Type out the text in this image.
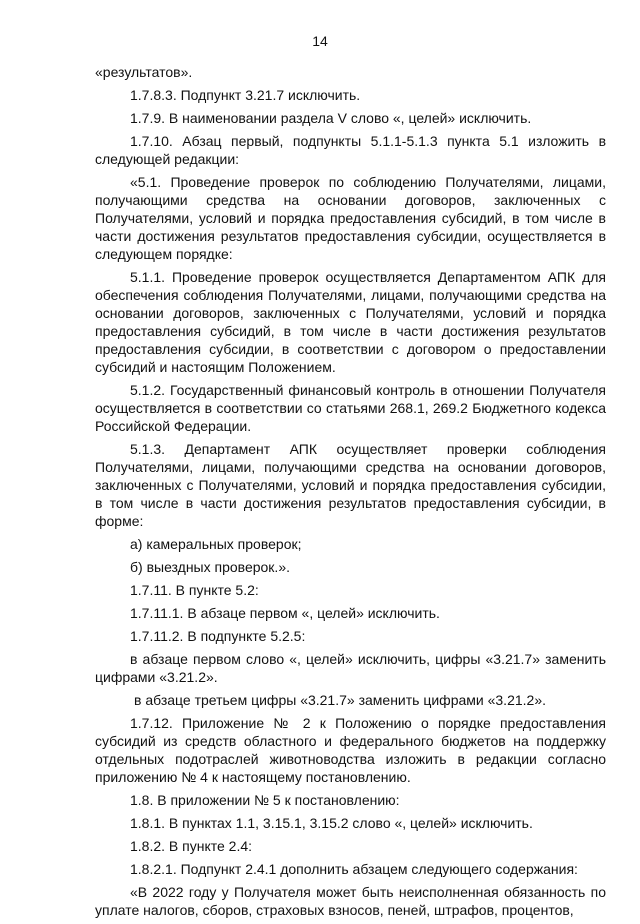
14

«результатов».

1.7.8.3. Подпункт 3.21.7 исключить.

1.7.9. В наименовании раздела V слово «, целей» исключить.

1.7.10. Абзац первый, подпункты 5.1.1-5.1.3 пункта 5.1 изложить в следующей редакции:

«5.1. Проведение проверок по соблюдению Получателями, лицами, получающими средства на основании договоров, заключенных с Получателями, условий и порядка предоставления субсидий, в том числе в части достижения результатов предоставления субсидии, осуществляется в следующем порядке:

5.1.1. Проведение проверок осуществляется Департаментом АПК для обеспечения соблюдения Получателями, лицами, получающими средства на основании договоров, заключенных с Получателями, условий и порядка предоставления субсидий, в том числе в части достижения результатов предоставления субсидии, в соответствии с договором о предоставлении субсидий и настоящим Положением.

5.1.2. Государственный финансовый контроль в отношении Получателя осуществляется в соответствии со статьями 268.1, 269.2 Бюджетного кодекса Российской Федерации.

5.1.3. Департамент АПК осуществляет проверки соблюдения Получателями, лицами, получающими средства на основании договоров, заключенных с Получателями, условий и порядка предоставления субсидии, в том числе в части достижения результатов предоставления субсидии, в форме:

а) камеральных проверок;

б) выездных проверок.».

1.7.11. В пункте 5.2:

1.7.11.1. В абзаце первом «, целей» исключить.

1.7.11.2. В подпункте 5.2.5:

в абзаце первом слово «, целей» исключить, цифры «3.21.7» заменить цифрами «3.21.2».

в абзаце третьем цифры «3.21.7» заменить цифрами «3.21.2».

1.7.12. Приложение № 2 к Положению о порядке предоставления субсидий из средств областного и федерального бюджетов на поддержку отдельных подотраслей животноводства изложить в редакции согласно приложению № 4 к настоящему постановлению.

1.8. В приложении № 5 к постановлению:

1.8.1. В пунктах 1.1, 3.15.1, 3.15.2 слово «, целей» исключить.

1.8.2. В пункте 2.4:

1.8.2.1. Подпункт 2.4.1 дополнить абзацем следующего содержания:

«В 2022 году у Получателя может быть неисполненная обязанность по уплате налогов, сборов, страховых взносов, пеней, штрафов, процентов,
